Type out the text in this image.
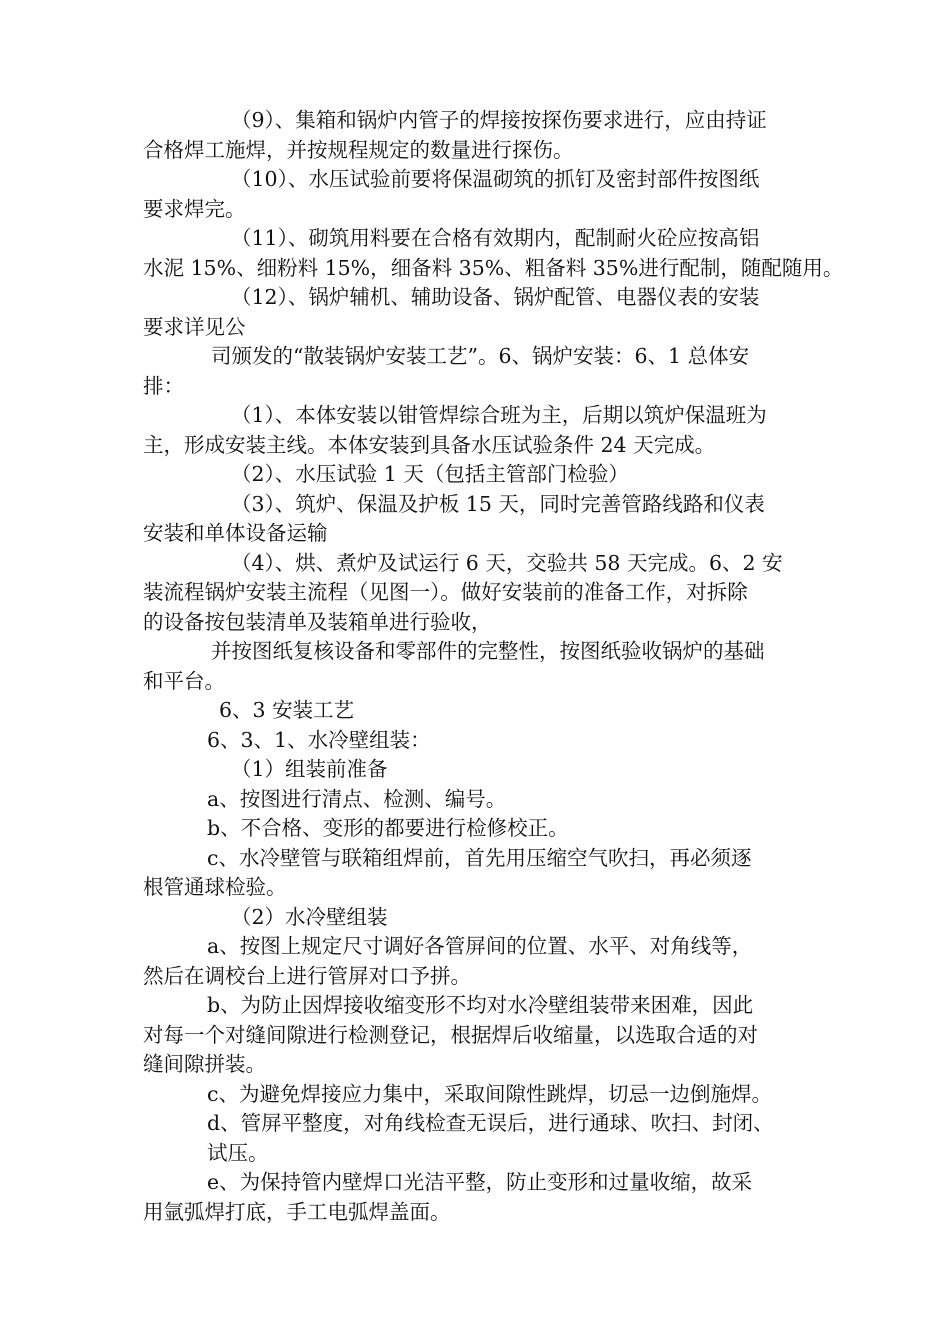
（9）、集箱和锅炉内管子的焊接按探伤要求进行，应由持证
合格焊工施焊，并按规程规定的数量进行探伤。
（10）、水压试验前要将保温砌筑的抓钉及密封部件按图纸
要求焊完。
（11）、砌筑用料要在合格有效期内，配制耐火砼应按高铝
水泥 15%、细粉料 15%，细备料 35%、粗备料 35%进行配制，随配随用。
（12）、锅炉辅机、辅助设备、锅炉配管、电器仪表的安装
要求详见公
司颁发的“散装锅炉安装工艺”。6、锅炉安装：6、1 总体安
排：
（1）、本体安装以钳管焊综合班为主，后期以筑炉保温班为
主，形成安装主线。本体安装到具备水压试验条件 24 天完成。
（2）、水压试验 1 天（包括主管部门检验）
（3）、筑炉、保温及护板 15 天，同时完善管路线路和仪表
安装和单体设备运输
（4）、烘、煮炉及试运行 6 天，交验共 58 天完成。6、2 安
装流程锅炉安装主流程（见图一）。做好安装前的准备工作，对拆除
的设备按包装清单及装箱单进行验收，
并按图纸复核设备和零部件的完整性，按图纸验收锅炉的基础
和平台。
6、3 安装工艺
6、3、1、水冷壁组装：
（1）组装前准备
a、按图进行清点、检测、编号。
b、不合格、变形的都要进行检修校正。
c、水冷壁管与联箱组焊前，首先用压缩空气吹扫，再必须逐
根管通球检验。
（2）水冷壁组装
a、按图上规定尺寸调好各管屏间的位置、水平、对角线等，
然后在调校台上进行管屏对口予拼。
b、为防止因焊接收缩变形不均对水冷壁组装带来困难，因此
对每一个对缝间隙进行检测登记，根据焊后收缩量，以选取合适的对
缝间隙拼装。
c、为避免焊接应力集中，采取间隙性跳焊，切忌一边倒施焊。
d、管屏平整度，对角线检查无误后，进行通球、吹扫、封闭、
试压。
e、为保持管内壁焊口光洁平整，防止变形和过量收缩，故采
用氩弧焊打底，手工电弧焊盖面。
